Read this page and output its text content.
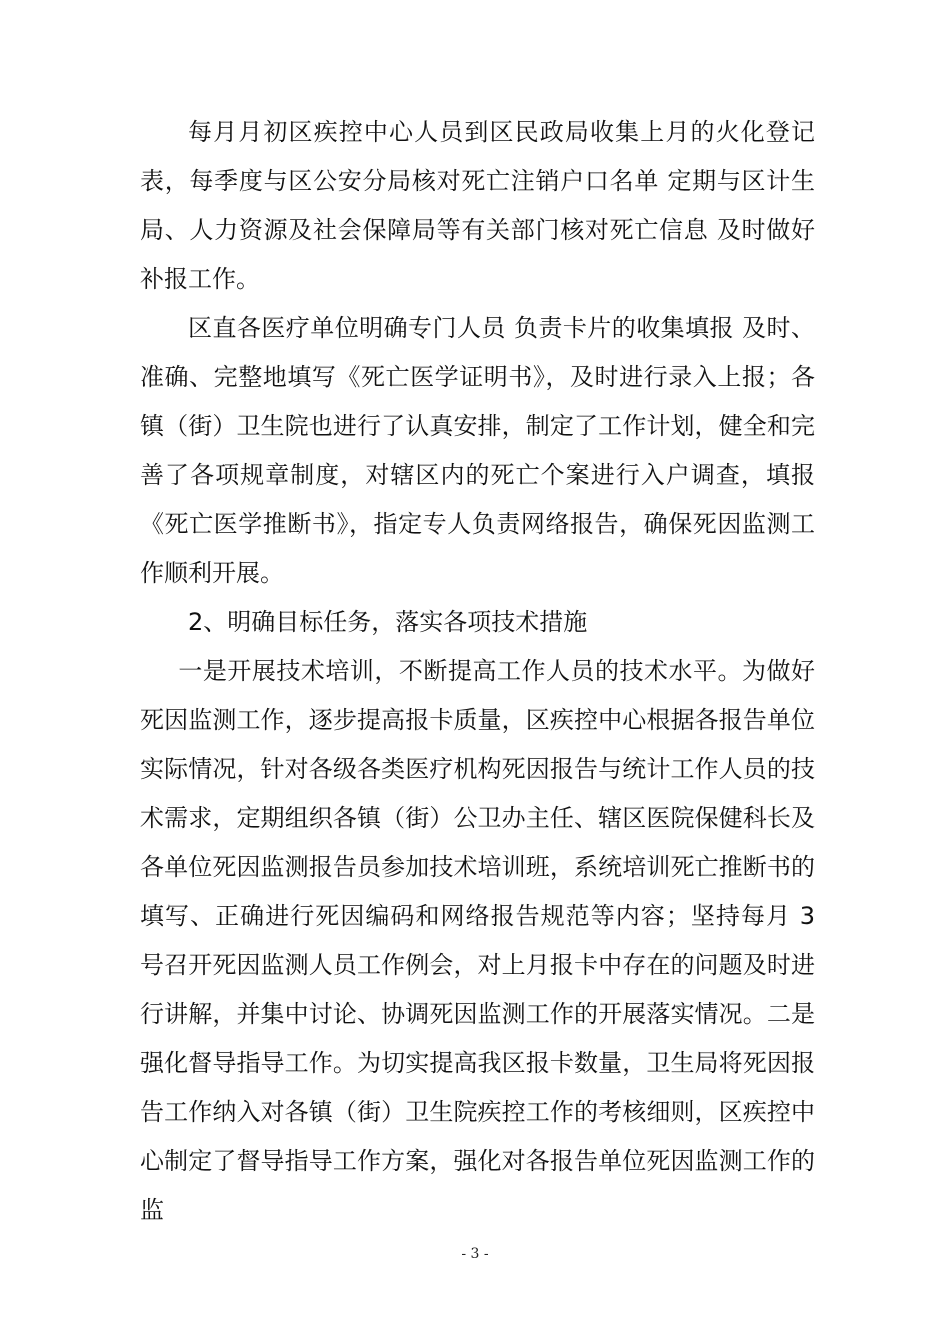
每月月初区疾控中心人员到区民政局收集上月的火化登记表，每季度与区公安分局核对死亡注销户口名单 定期与区计生局、人力资源及社会保障局等有关部门核对死亡信息 及时做好补报工作。

区直各医疗单位明确专门人员 负责卡片的收集填报 及时、准确、完整地填写《死亡医学证明书》，及时进行录入上报；各镇（街）卫生院也进行了认真安排，制定了工作计划，健全和完善了各项规章制度，对辖区内的死亡个案进行入户调查，填报《死亡医学推断书》，指定专人负责网络报告，确保死因监测工作顺利开展。

2、明确目标任务，落实各项技术措施

一是开展技术培训，不断提高工作人员的技术水平。为做好死因监测工作，逐步提高报卡质量，区疾控中心根据各报告单位实际情况，针对各级各类医疗机构死因报告与统计工作人员的技术需求，定期组织各镇（街）公卫办主任、辖区医院保健科长及各单位死因监测报告员参加技术培训班，系统培训死亡推断书的填写、正确进行死因编码和网络报告规范等内容；坚持每月 3 号召开死因监测人员工作例会，对上月报卡中存在的问题及时进行讲解，并集中讨论、协调死因监测工作的开展落实情况。二是强化督导指导工作。为切实提高我区报卡数量，卫生局将死因报告工作纳入对各镇（街）卫生院疾控工作的考核细则，区疾控中心制定了督导指导工作方案，强化对各报告单位死因监测工作的监

- 3 -
